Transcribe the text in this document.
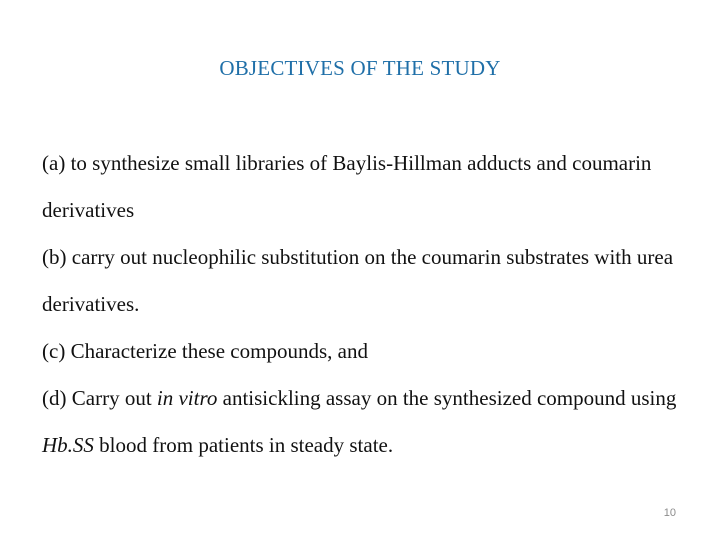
OBJECTIVES OF THE STUDY

(a) to synthesize small libraries of Baylis-Hillman adducts and coumarin derivatives

(b) carry out nucleophilic substitution on the coumarin substrates with urea derivatives.

(c) Characterize these compounds, and

(d) Carry out in vitro antisickling assay on the synthesized compound using Hb.SS blood from patients in steady state.

10
